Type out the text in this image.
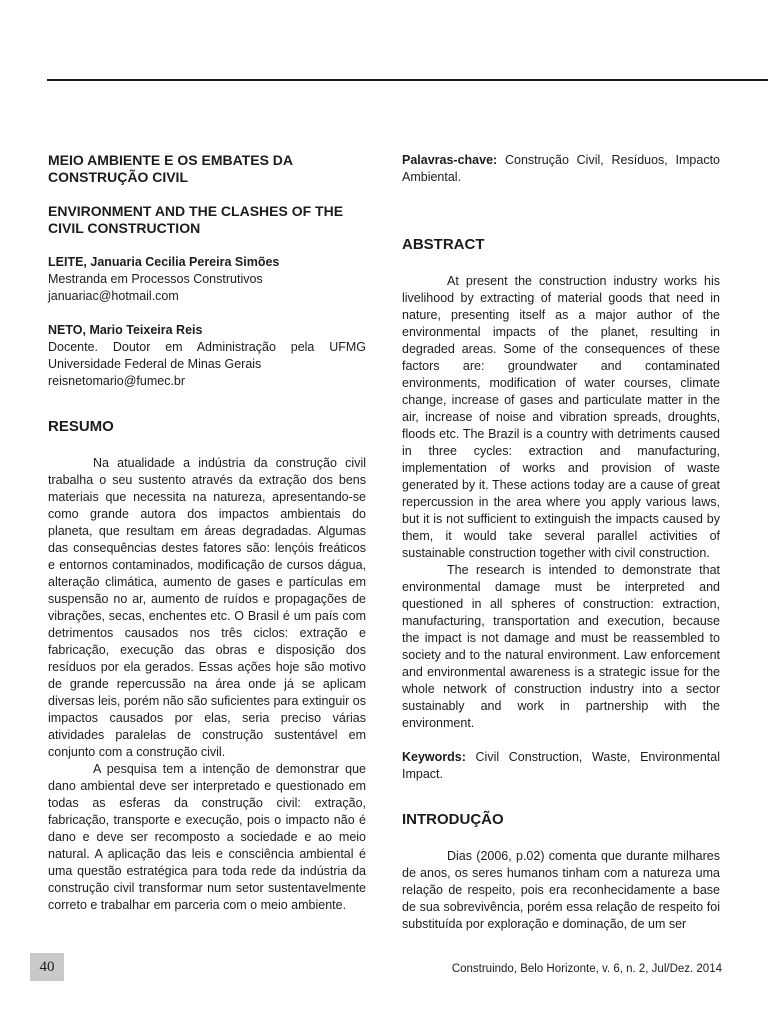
MEIO AMBIENTE E OS EMBATES DA CONSTRUÇÃO CIVIL
ENVIRONMENT AND THE CLASHES OF THE CIVIL CONSTRUCTION
LEITE, Januaria Cecilia Pereira Simões
Mestranda em Processos Construtivos
januariac@hotmail.com
NETO, Mario Teixeira Reis
Docente. Doutor em Administração pela UFMG
Universidade Federal de Minas Gerais
reisnetomario@fumec.br
RESUMO

Na atualidade a indústria da construção civil trabalha o seu sustento através da extração dos bens materiais que necessita na natureza, apresentando-se como grande autora dos impactos ambientais do planeta, que resultam em áreas degradadas. Algumas das consequências destes fatores são: lençóis freáticos e entornos contaminados, modificação de cursos dágua, alteração climática, aumento de gases e partículas em suspensão no ar, aumento de ruídos e propagações de vibrações, secas, enchentes etc. O Brasil é um país com detrimentos causados nos três ciclos: extração e fabricação, execução das obras e disposição dos resíduos por ela gerados. Essas ações hoje são motivo de grande repercussão na área onde já se aplicam diversas leis, porém não são suficientes para extinguir os impactos causados por elas, seria preciso várias atividades paralelas de construção sustentável em conjunto com a construção civil.

A pesquisa tem a intenção de demonstrar que dano ambiental deve ser interpretado e questionado em todas as esferas da construção civil: extração, fabricação, transporte e execução, pois o impacto não é dano e deve ser recomposto a sociedade e ao meio natural. A aplicação das leis e consciência ambiental é uma questão estratégica para toda rede da indústria da construção civil transformar num setor sustentavelmente correto e trabalhar em parceria com o meio ambiente.

Palavras-chave: Construção Civil, Resíduos, Impacto Ambiental.

ABSTRACT

At present the construction industry works his livelihood by extracting of material goods that need in nature, presenting itself as a major author of the environmental impacts of the planet, resulting in degraded areas. Some of the consequences of these factors are: groundwater and contaminated environments, modification of water courses, climate change, increase of gases and particulate matter in the air, increase of noise and vibration spreads, droughts, floods etc. The Brazil is a country with detriments caused in three cycles: extraction and manufacturing, implementation of works and provision of waste generated by it. These actions today are a cause of great repercussion in the area where you apply various laws, but it is not sufficient to extinguish the impacts caused by them, it would take several parallel activities of sustainable construction together with civil construction.

The research is intended to demonstrate that environmental damage must be interpreted and questioned in all spheres of construction: extraction, manufacturing, transportation and execution, because the impact is not damage and must be reassembled to society and to the natural environment. Law enforcement and environmental awareness is a strategic issue for the whole network of construction industry into a sector sustainably and work in partnership with the environment.

Keywords: Civil Construction, Waste, Environmental Impact.

INTRODUÇÃO

Dias (2006, p.02) comenta que durante milhares de anos, os seres humanos tinham com a natureza uma relação de respeito, pois era reconhecidamente a base de sua sobrevivência, porém essa relação de respeito foi substituída por exploração e dominação, de um ser

40	Construindo, Belo Horizonte, v. 6, n. 2, Jul/Dez. 2014
